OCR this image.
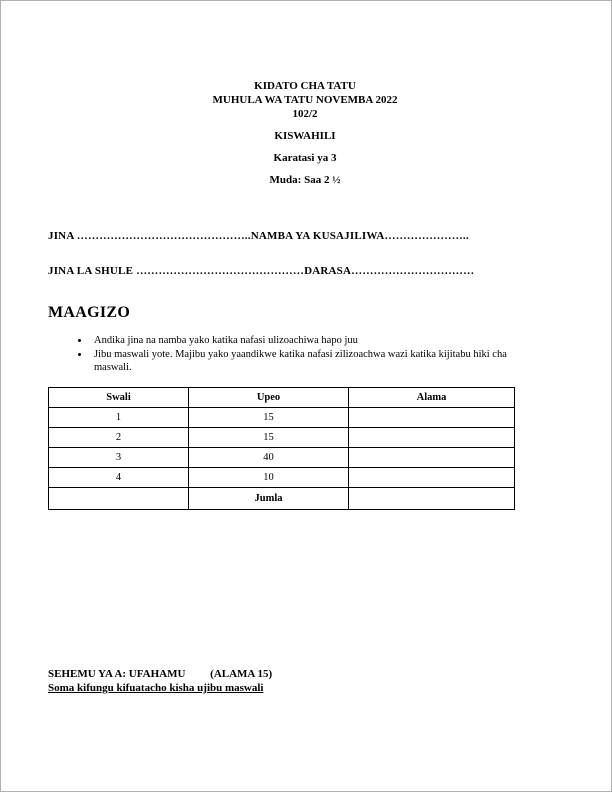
KIDATO CHA TATU
MUHULA WA TATU NOVEMBA 2022
102/2
KISWAHILI
Karatasi ya 3
Muda: Saa 2 ½
JINA ………………………………………..NAMBA YA KUSAJILIWA…………………..
JINA LA SHULE ………………………………………DARASA……………………………
MAAGIZO
• Andika jina na namba yako katika nafasi ulizoachiwa hapo juu
• Jibu maswali yote. Majibu yako yaandikwe katika nafasi zilizoachwa wazi katika kijitabu hiki cha maswali.
Swali	Upeo	Alama
1	15	
2	15	
3	40	
4	10	
	Jumla	
SEHEMU YA A: UFAHAMU         (ALAMA 15)
Soma kifungu kifuatacho kisha ujibu maswali
